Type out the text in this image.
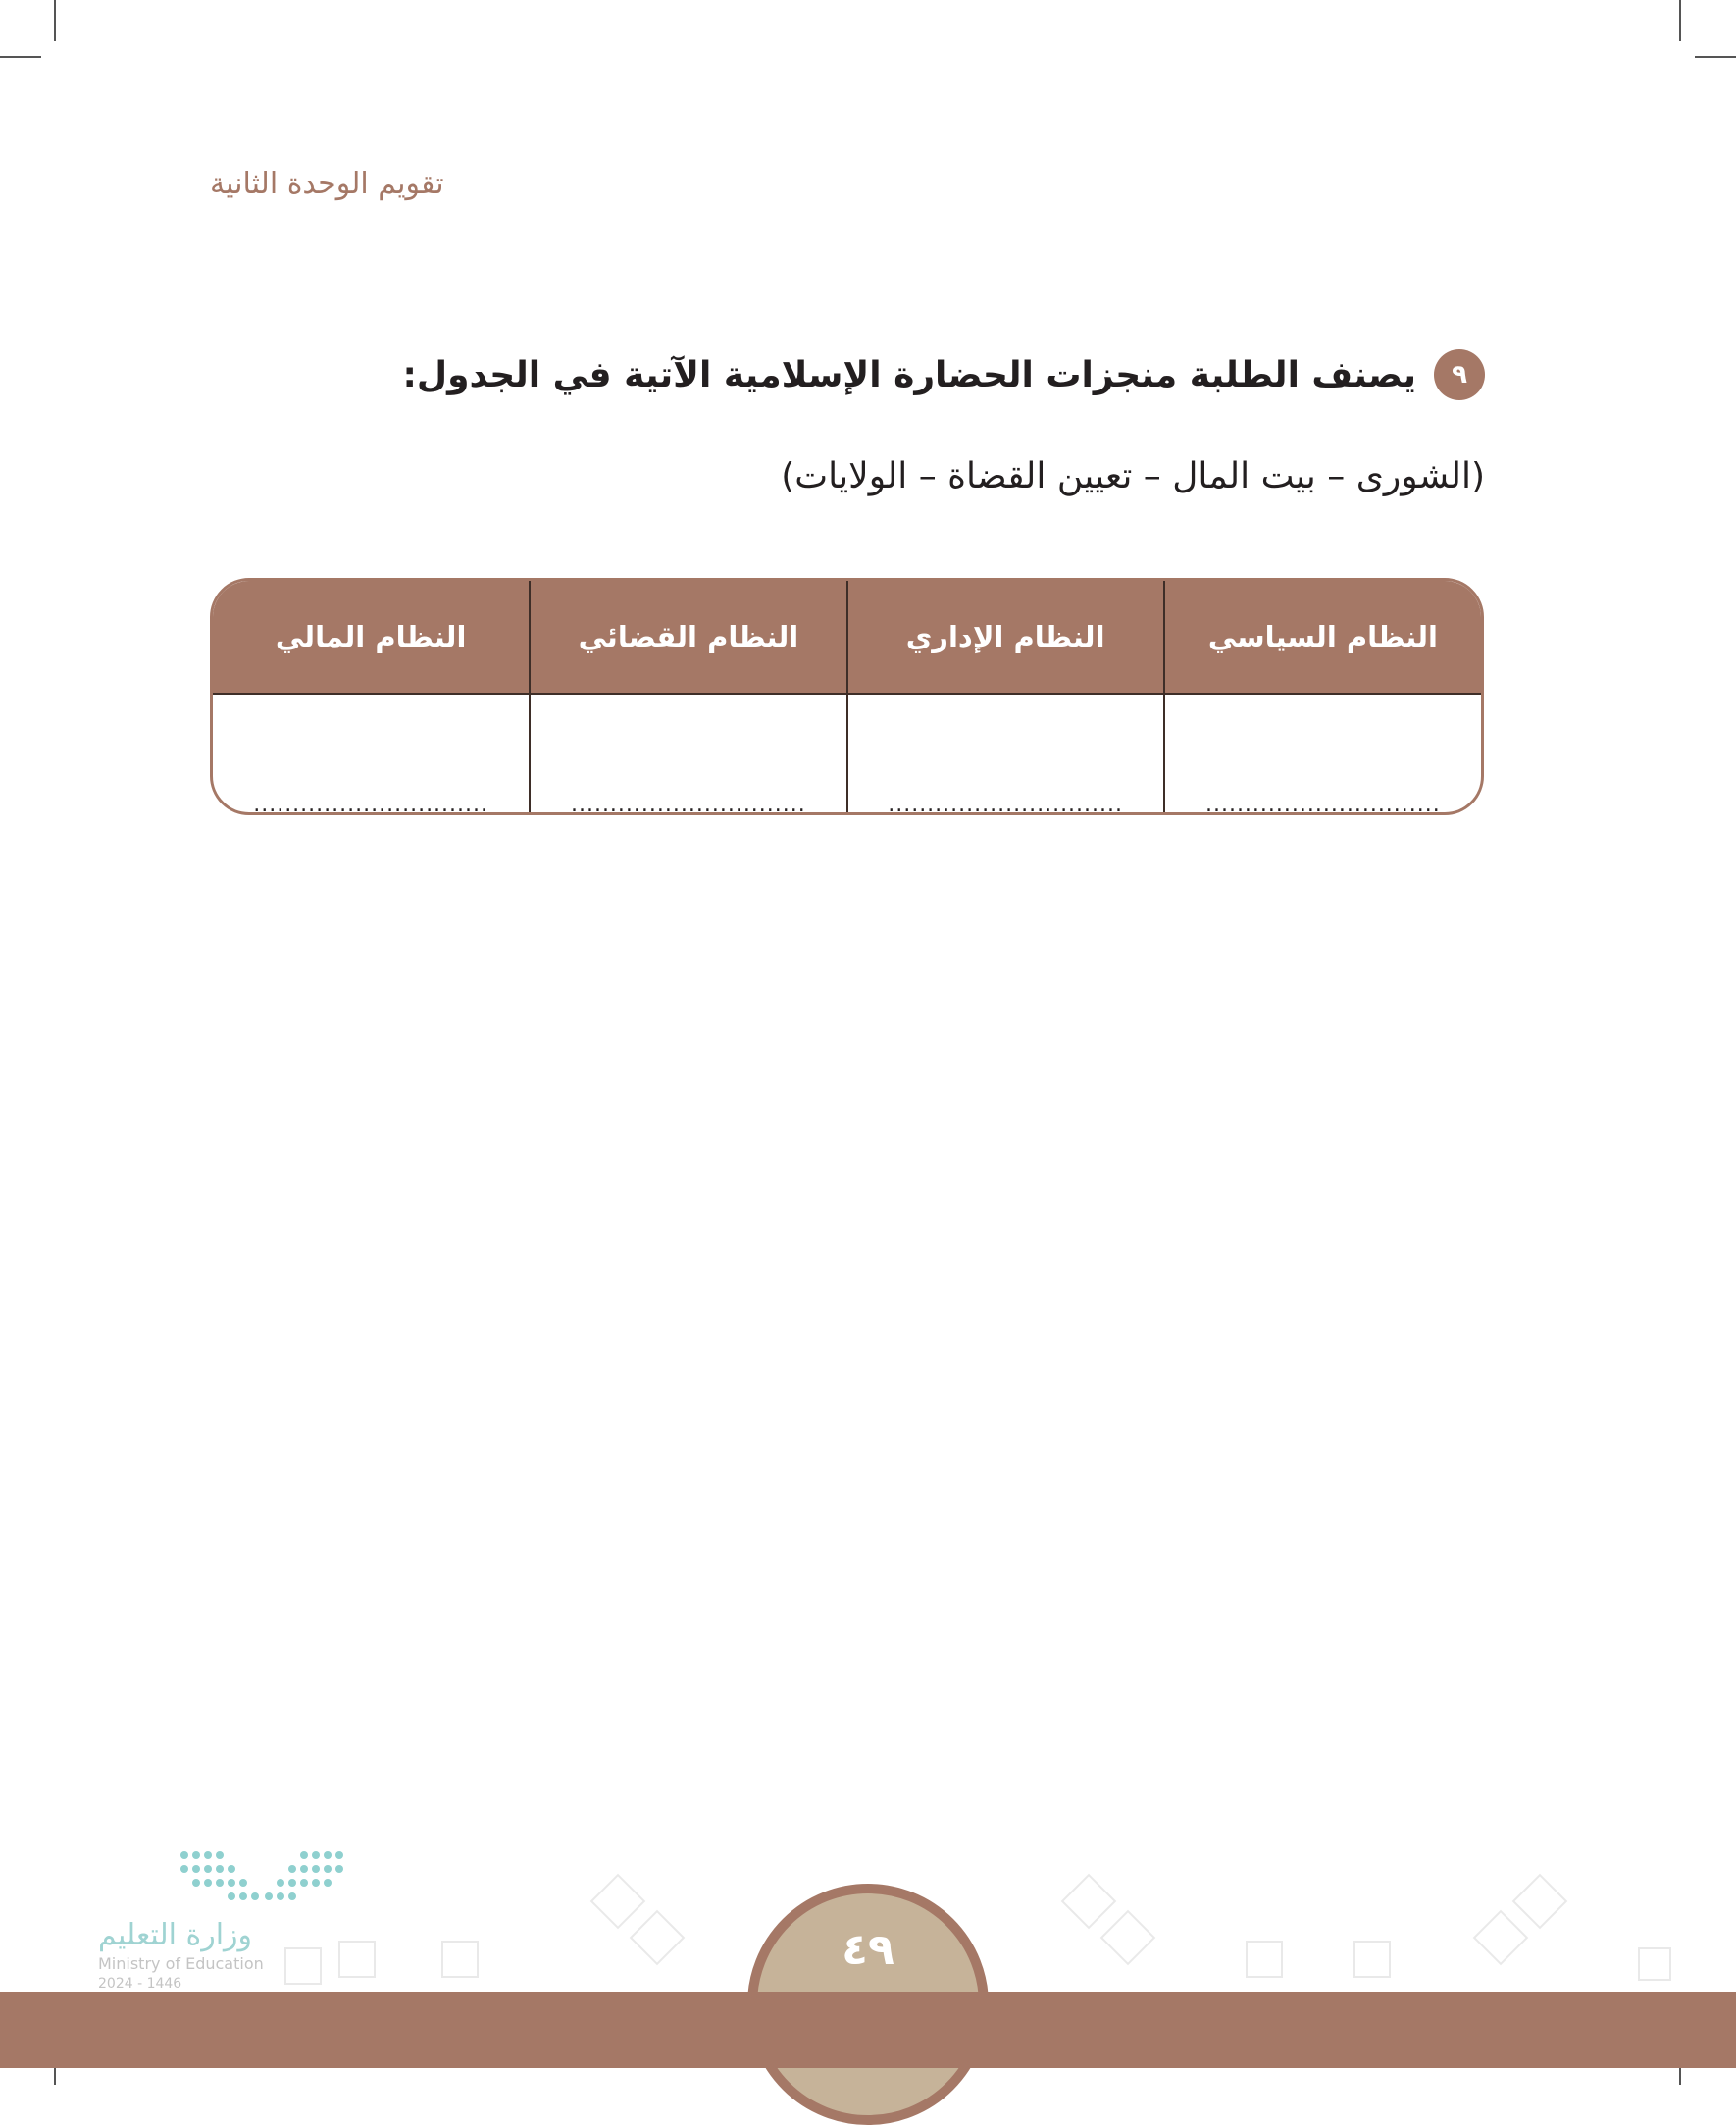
تقويم الوحدة الثانية
٩
يصنف الطلبة منجزات الحضارة الإسلامية الآتية في الجدول:
(الشورى – بيت المال – تعيين القضاة – الولايات)
النظام السياسي	النظام الإداري	النظام القضائي	النظام المالي
..............................	..............................	..............................	..............................
وزارة التعليم
Ministry of Education
2024 - 1446
٤٩
